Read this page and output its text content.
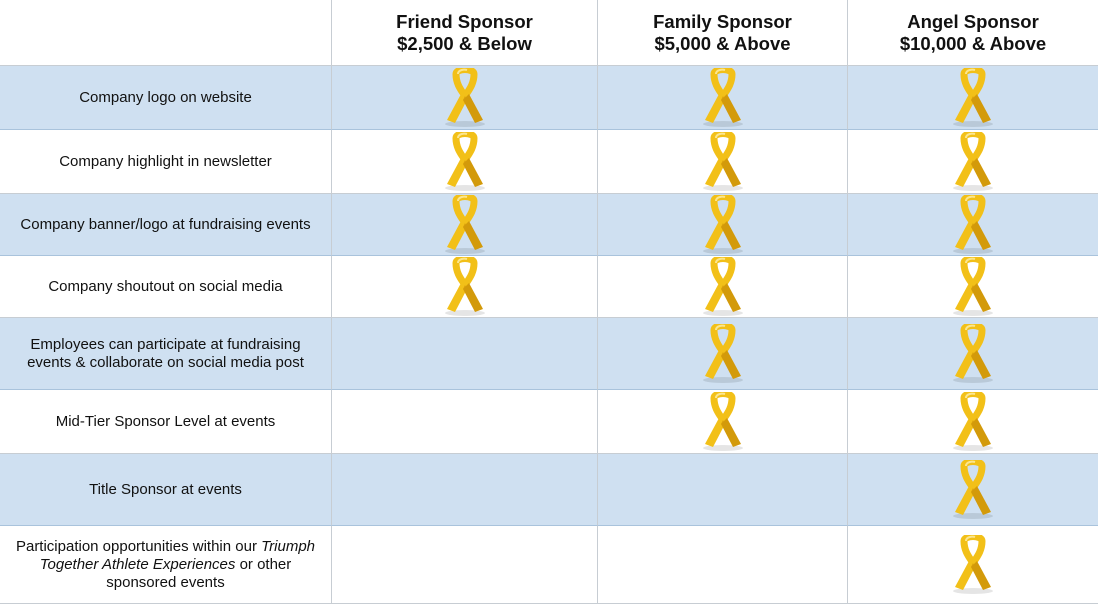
Friend Sponsor
$2,500 & Below
Family Sponsor
$5,000 & Above
Angel Sponsor
$10,000 & Above
Company logo on website
Company highlight in newsletter
Company banner/logo at fundraising events
Company shoutout on social media
Employees can participate at fundraising
events & collaborate on social media post
Mid-Tier Sponsor Level at events
Title Sponsor at events
Participation opportunities within our Triumph
Together Athlete Experiences or other
sponsored events
